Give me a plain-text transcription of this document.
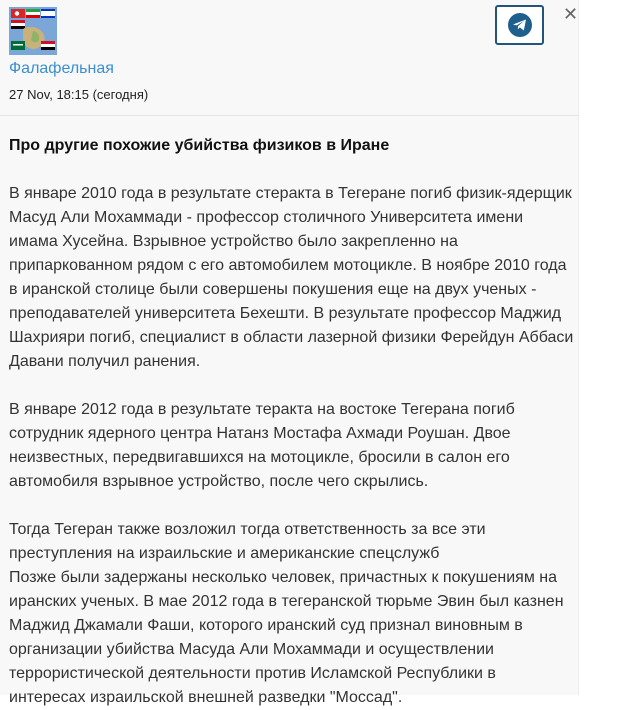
Фалафельная
27 Nov, 18:15 (сегодня)
✕
Про другие похожие убийства физиков в Иране
В январе 2010 года в результате стеракта в Тегеране погиб физик-ядерщик Масуд Али Мохаммади - профессор столичного Университета имени имама Хусейна. Взрывное устройство было закрепленно на припаркованном рядом с его автомобилем мотоцикле. В ноябре 2010 года в иранской столице были совершены покушения еще на двух ученых - преподавателей университета Бехешти. В результате профессор Маджид Шахрияри погиб, специалист в области лазерной физики Ферейдун Аббаси Давани получил ранения.
В январе 2012 года в результате теракта на востоке Тегерана погиб сотрудник ядерного центра Натанз Мостафа Ахмади Роушан. Двое неизвестных, передвигавшихся на мотоцикле, бросили в салон его автомобиля взрывное устройство, после чего скрылись.
Тогда Тегеран также возложил тогда ответственность за все эти преступления на израильские и американские спецслужб
Позже были задержаны несколько человек, причастных к покушениям на иранских ученых. В мае 2012 года в тегеранской тюрьме Эвин был казнен Маджид Джамали Фаши, которого иранский суд признал виновным в организации убийства Масуда Али Мохаммади и осуществлении террористической деятельности против Исламской Республики в интересах израильской внешней разведки "Моссад".
